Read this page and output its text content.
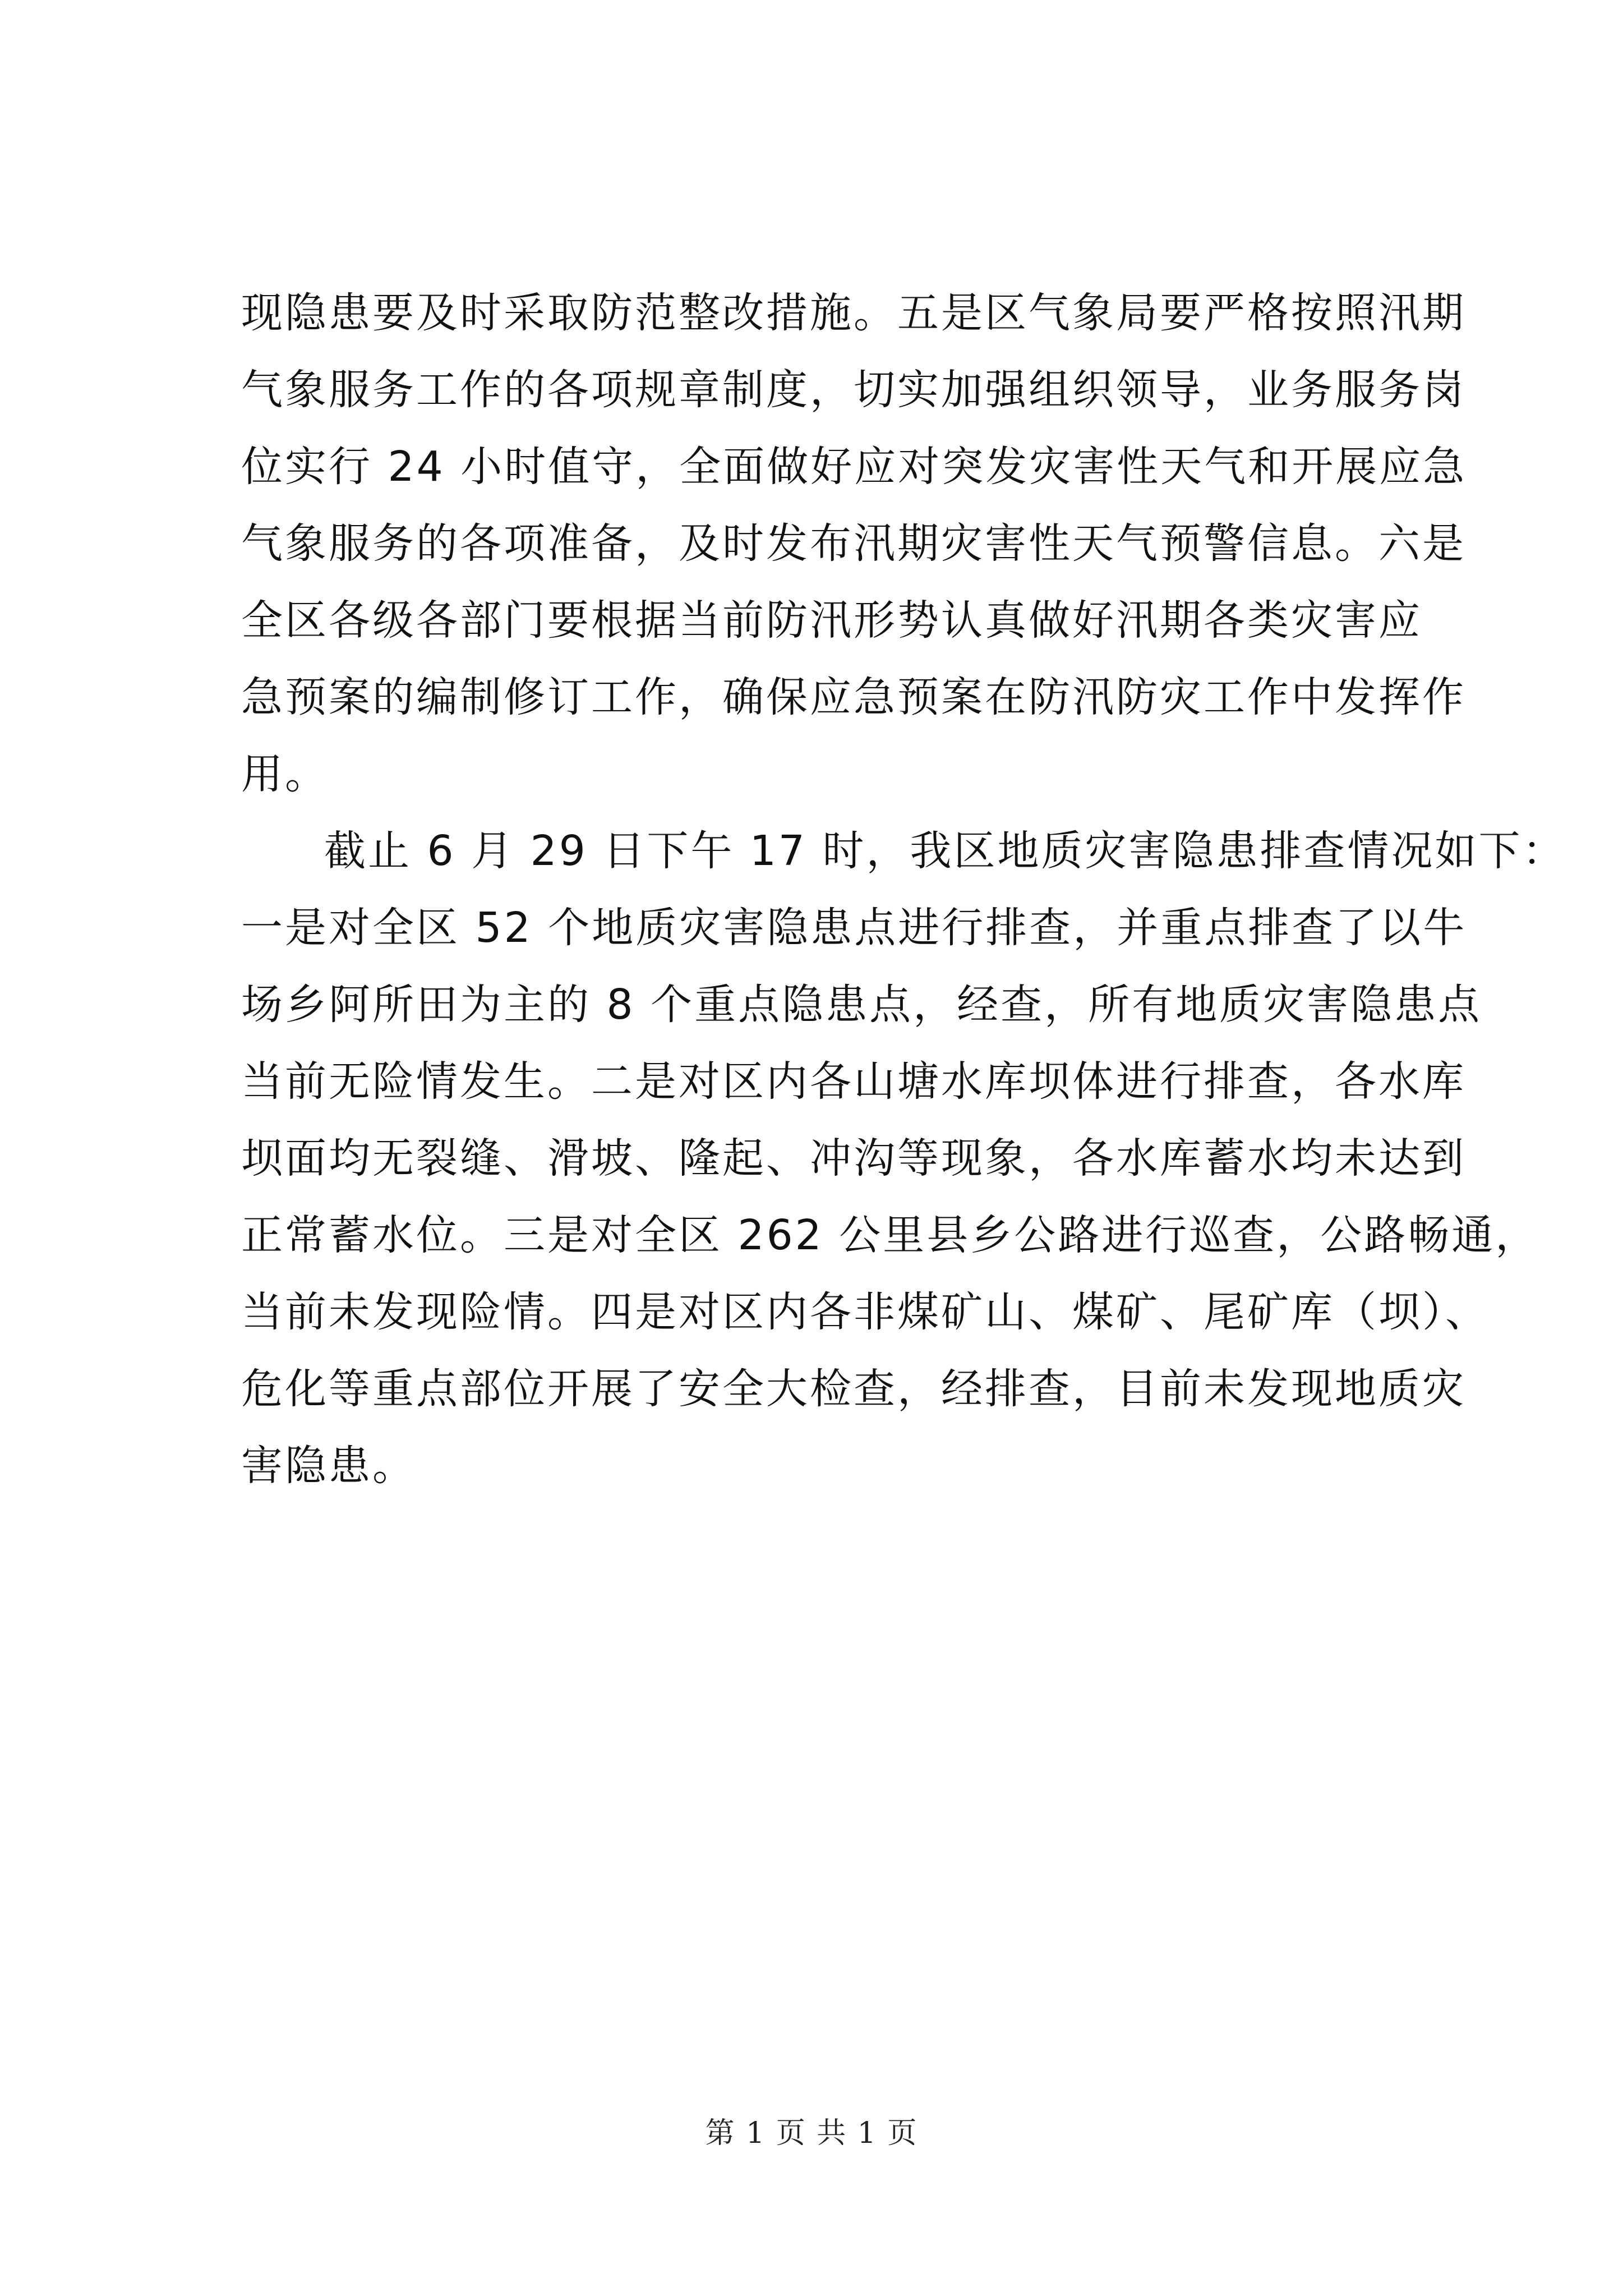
现隐患要及时采取防范整改措施。五是区气象局要严格按照汛期
气象服务工作的各项规章制度，切实加强组织领导，业务服务岗
位实行 24 小时值守，全面做好应对突发灾害性天气和开展应急
气象服务的各项准备，及时发布汛期灾害性天气预警信息。六是
全区各级各部门要根据当前防汛形势认真做好汛期各类灾害应
急预案的编制修订工作，确保应急预案在防汛防灾工作中发挥作
用。
截止 6 月 29 日下午 17 时，我区地质灾害隐患排查情况如下：
一是对全区 52 个地质灾害隐患点进行排查，并重点排查了以牛
场乡阿所田为主的 8 个重点隐患点，经查，所有地质灾害隐患点
当前无险情发生。二是对区内各山塘水库坝体进行排查，各水库
坝面均无裂缝、滑坡、隆起、冲沟等现象，各水库蓄水均未达到
正常蓄水位。三是对全区 262 公里县乡公路进行巡查，公路畅通，
当前未发现险情。四是对区内各非煤矿山、煤矿、尾矿库（坝）、
危化等重点部位开展了安全大检查，经排查，目前未发现地质灾
害隐患。
第 1 页 共 1 页
